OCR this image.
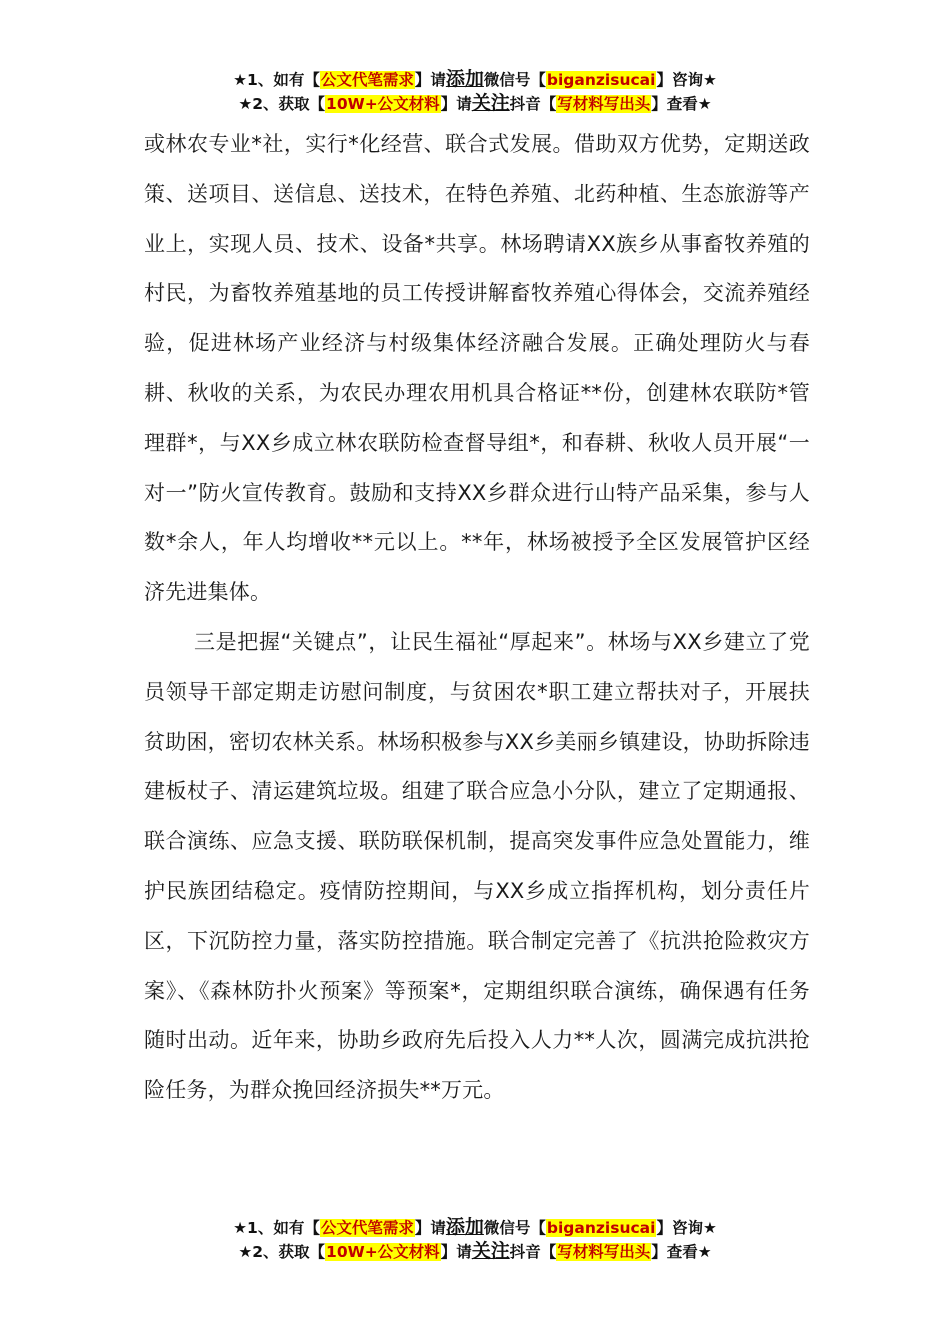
★1、如有【公文代笔需求】请添加微信号【biganzisucai】咨询★
★2、获取【10W+公文材料】请关注抖音【写材料写出头】查看★

或林农专业*社，实行*化经营、联合式发展。借助双方优势，定期送政策、送项目、送信息、送技术，在特色养殖、北药种植、生态旅游等产业上，实现人员、技术、设备*共享。林场聘请XX族乡从事畜牧养殖的村民，为畜牧养殖基地的员工传授讲解畜牧养殖心得体会，交流养殖经验，促进林场产业经济与村级集体经济融合发展。正确处理防火与春耕、秋收的关系，为农民办理农用机具合格证**份，创建林农联防*管理群*，与XX乡成立林农联防检查督导组*，和春耕、秋收人员开展“一对一”防火宣传教育。鼓励和支持XX乡群众进行山特产品采集，参与人数*余人，年人均增收**元以上。**年，林场被授予全区发展管护区经济先进集体。

三是把握“关键点”，让民生福祉“厚起来”。林场与XX乡建立了党员领导干部定期走访慰问制度，与贫困农*职工建立帮扶对子，开展扶贫助困，密切农林关系。林场积极参与XX乡美丽乡镇建设，协助拆除违建板杖子、清运建筑垃圾。组建了联合应急小分队，建立了定期通报、联合演练、应急支援、联防联保机制，提高突发事件应急处置能力，维护民族团结稳定。疫情防控期间，与XX乡成立指挥机构，划分责任片区，下沉防控力量，落实防控措施。联合制定完善了《抗洪抢险救灾方案》、《森林防扑火预案》等预案*，定期组织联合演练，确保遇有任务随时出动。近年来，协助乡政府先后投入人力**人次，圆满完成抗洪抢险任务，为群众挽回经济损失**万元。

★1、如有【公文代笔需求】请添加微信号【biganzisucai】咨询★
★2、获取【10W+公文材料】请关注抖音【写材料写出头】查看★
